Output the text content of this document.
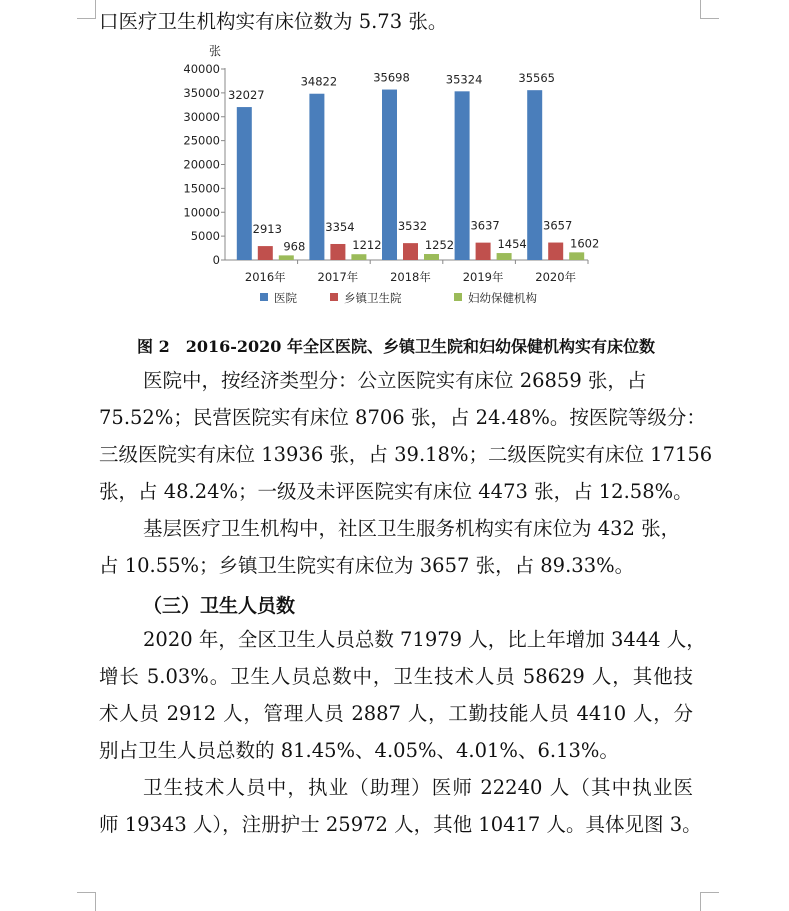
口医疗卫生机构实有床位数为 5.73 张。
张
0
5000
10000
15000
20000
25000
30000
35000
40000
2016年
32027
2913
968
2017年
34822
3354
1212
2018年
35698
3532
1252
2019年
35324
3637
1454
2020年
35565
3657
1602
医院	乡镇卫生院	妇幼保健机构
图 2　2016-2020 年全区医院、乡镇卫生院和妇幼保健机构实有床位数
医院中，按经济类型分：公立医院实有床位 26859 张，占
75.52%；民营医院实有床位 8706 张，占 24.48%。按医院等级分：
三级医院实有床位 13936 张，占 39.18%；二级医院实有床位 17156
张，占 48.24%；一级及未评医院实有床位 4473 张，占 12.58%。
基层医疗卫生机构中，社区卫生服务机构实有床位为 432 张，
占 10.55%；乡镇卫生院实有床位为 3657 张，占 89.33%。
（三）卫生人员数
2020 年，全区卫生人员总数 71979 人，比上年增加 3444 人，
增长 5.03%。卫生人员总数中，卫生技术人员 58629 人，其他技
术人员 2912 人，管理人员 2887 人，工勤技能人员 4410 人，分
别占卫生人员总数的 81.45%、4.05%、4.01%、6.13%。
卫生技术人员中，执业（助理）医师 22240 人（其中执业医
师 19343 人），注册护士 25972 人，其他 10417 人。具体见图 3。
